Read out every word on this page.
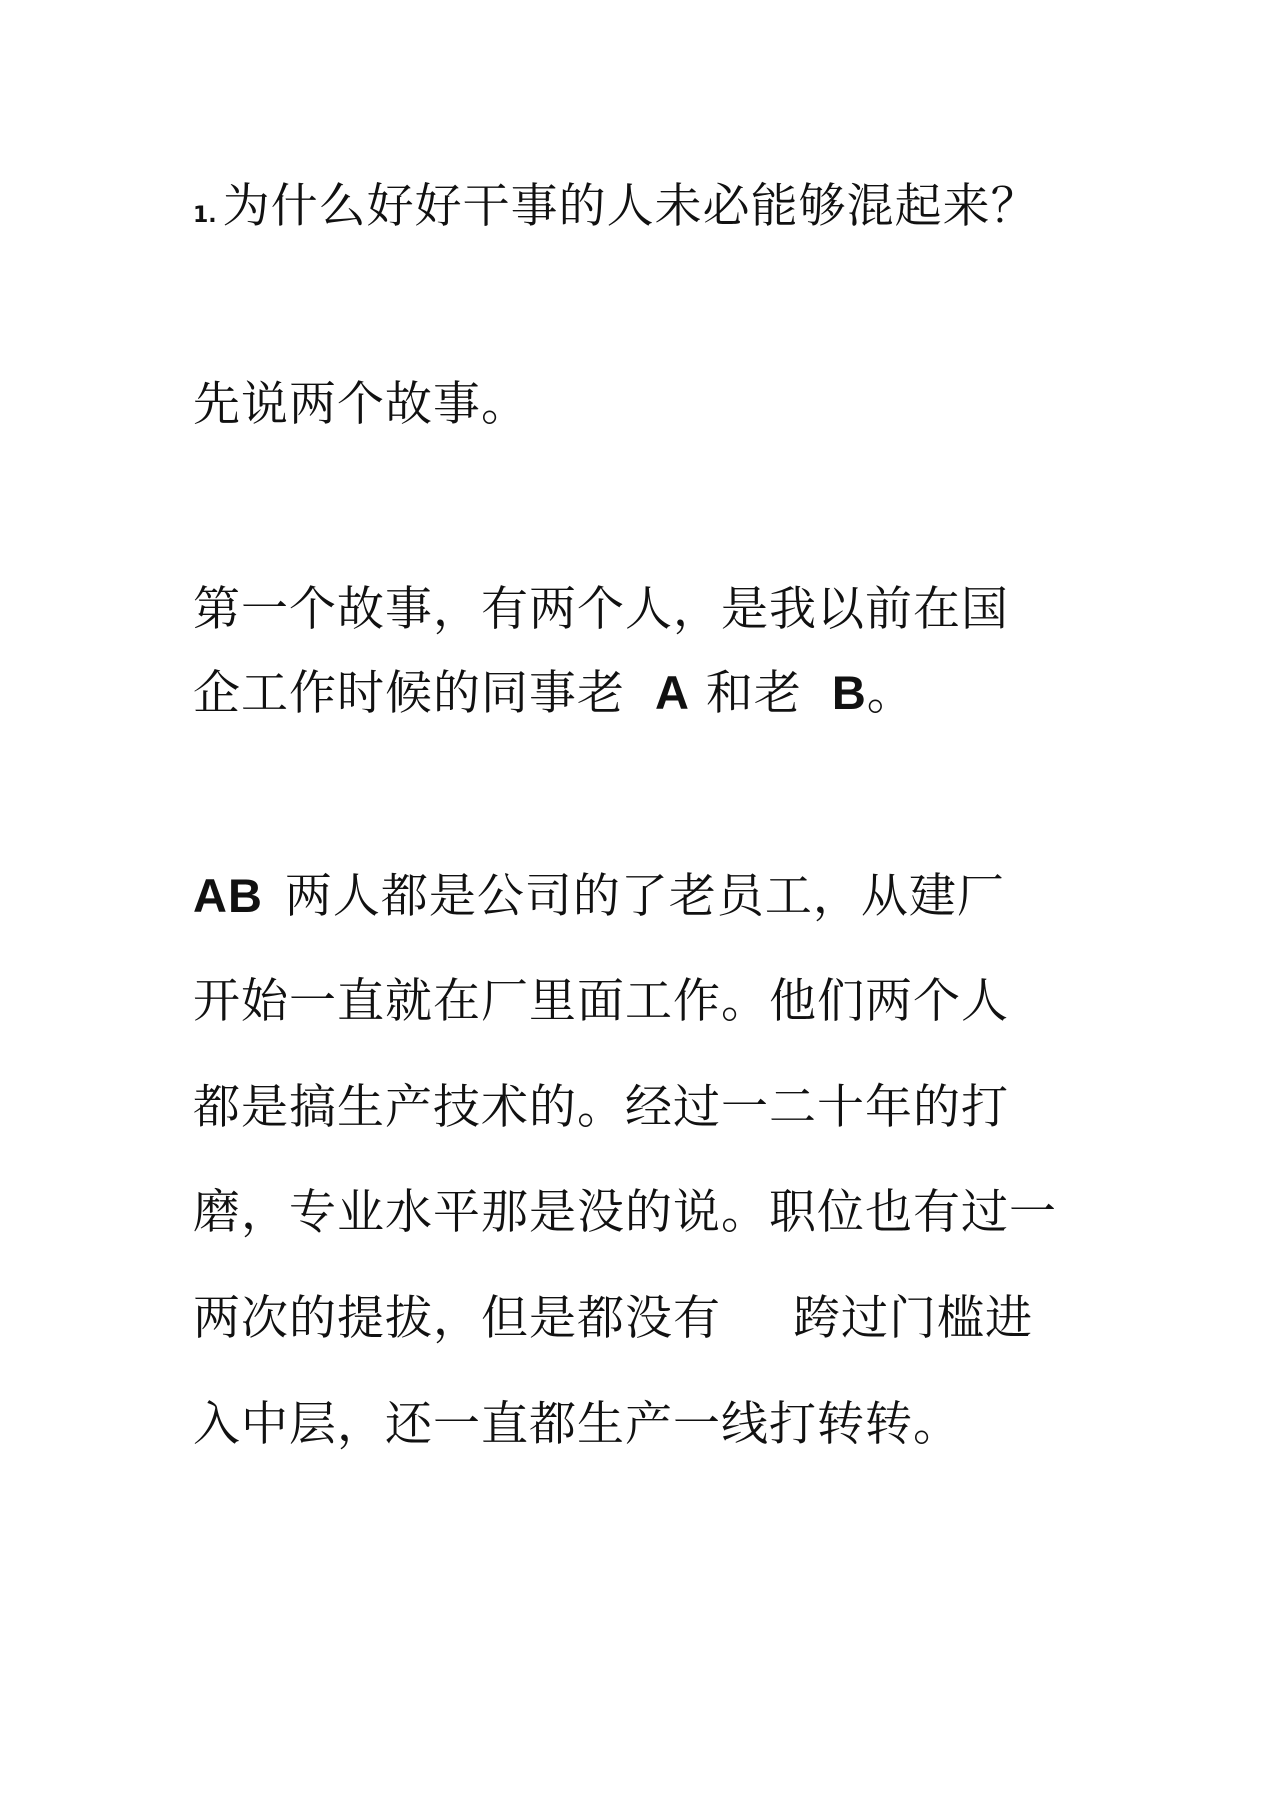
1. 为什么好好干事的人未必能够混起来？
先说两个故事。
第一个故事，有两个人，是我以前在国
企工作时候的同事老 A 和老 B。
AB 两人都是公司的了老员工，从建厂
开始一直就在厂里面工作。他们两个人
都是搞生产技术的。经过一二十年的打
磨，专业水平那是没的说。职位也有过一
两次的提拔，但是都没有 跨过门槛进
入中层，还一直都生产一线打转转。
